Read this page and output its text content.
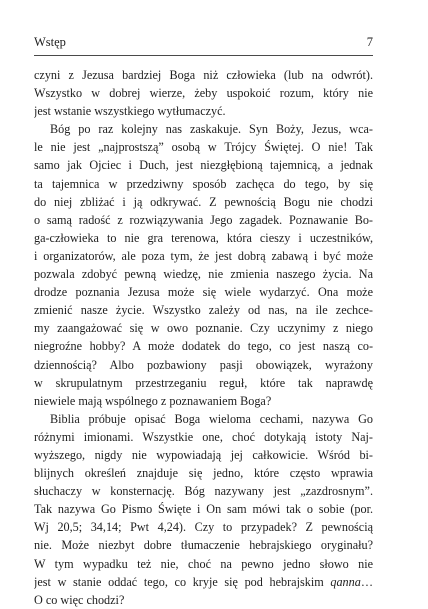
Wstęp	7
czyni z Jezusa bardziej Boga niż człowieka (lub na odwrót).
Wszystko w dobrej wierze, żeby uspokoić rozum, który nie
jest wstanie wszystkiego wytłumaczyć.
Bóg po raz kolejny nas zaskakuje. Syn Boży, Jezus, wca-
le nie jest „najprostszą” osobą w Trójcy Świętej. O nie! Tak
samo jak Ojciec i Duch, jest niezgłębioną tajemnicą, a jednak
ta tajemnica w przedziwny sposób zachęca do tego, by się
do niej zbliżać i ją odkrywać. Z pewnością Bogu nie chodzi
o samą radość z rozwiązywania Jego zagadek. Poznawanie Bo-
ga-człowieka to nie gra terenowa, która cieszy i uczestników,
i organizatorów, ale poza tym, że jest dobrą zabawą i być może
pozwala zdobyć pewną wiedzę, nie zmienia naszego życia. Na
drodze poznania Jezusa może się wiele wydarzyć. Ona może
zmienić nasze życie. Wszystko zależy od nas, na ile zechce-
my zaangażować się w owo poznanie. Czy uczynimy z niego
niegroźne hobby? A może dodatek do tego, co jest naszą co-
dziennością? Albo pozbawiony pasji obowiązek, wyrażony
w skrupulatnym przestrzeganiu reguł, które tak naprawdę
niewiele mają wspólnego z poznawaniem Boga?
Biblia próbuje opisać Boga wieloma cechami, nazywa Go
różnymi imionami. Wszystkie one, choć dotykają istoty Naj-
wyższego, nigdy nie wypowiadają jej całkowicie. Wśród bi-
blijnych określeń znajduje się jedno, które często wprawia
słuchaczy w konsternację. Bóg nazywany jest „zazdrosnym”.
Tak nazywa Go Pismo Święte i On sam mówi tak o sobie (por.
Wj 20,5; 34,14; Pwt 4,24). Czy to przypadek? Z pewnością
nie. Może niezbyt dobre tłumaczenie hebrajskiego oryginału?
W tym wypadku też nie, choć na pewno jedno słowo nie
jest w stanie oddać tego, co kryje się pod hebrajskim qanna…
O co więc chodzi?
